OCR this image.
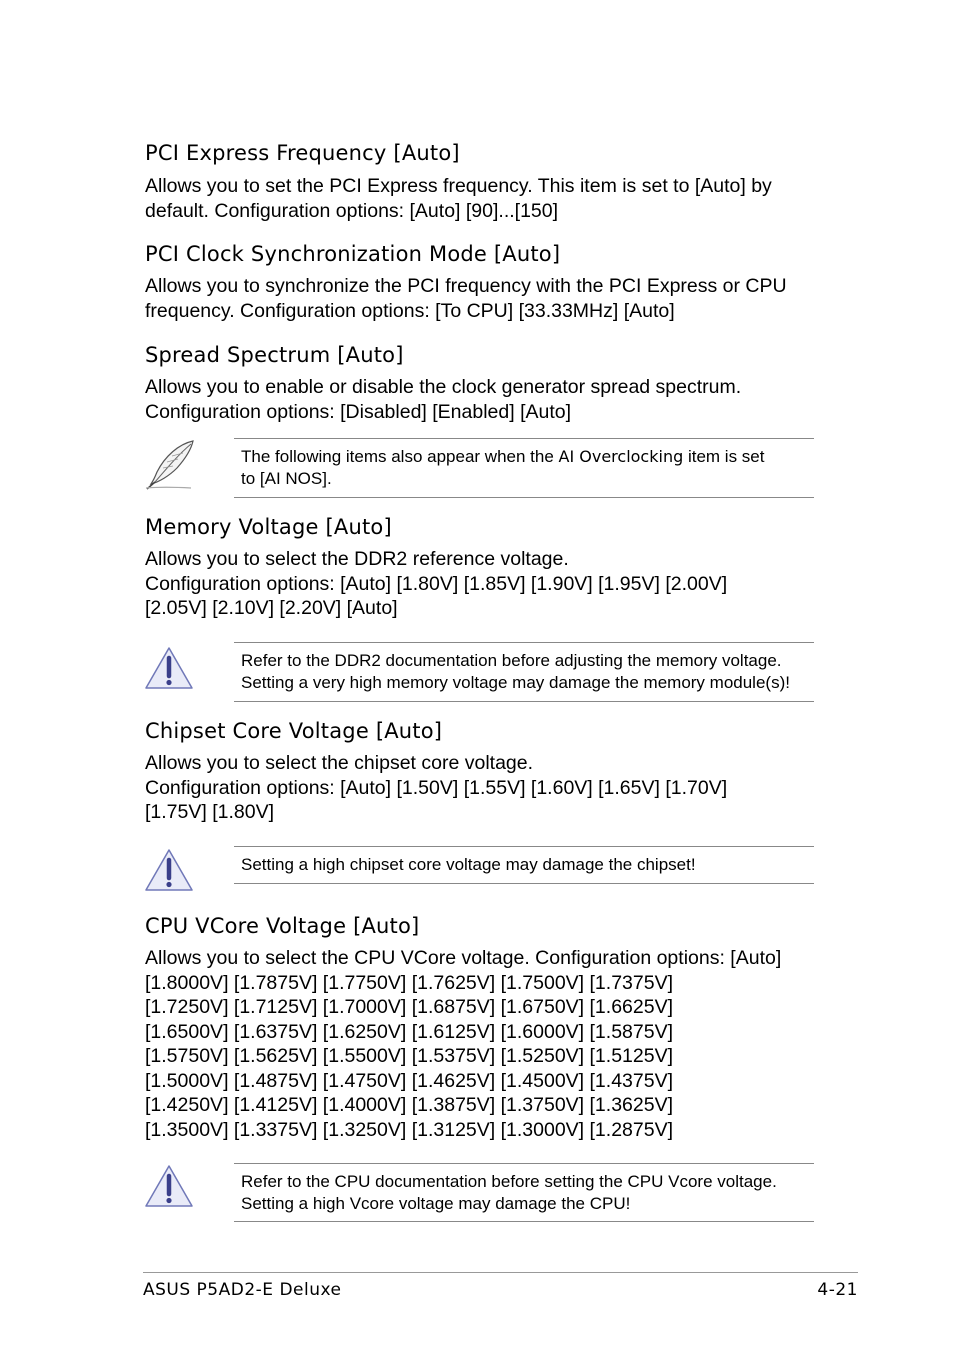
PCI Express Frequency [Auto]

Allows you to set the PCI Express frequency. This item is set to [Auto] by
default. Configuration options: [Auto] [90]...[150]

PCI Clock Synchronization Mode [Auto]

Allows you to synchronize the PCI frequency with the PCI Express or CPU
frequency. Configuration options: [To CPU] [33.33MHz] [Auto]

Spread Spectrum [Auto]

Allows you to enable or disable the clock generator spread spectrum.
Configuration options: [Disabled] [Enabled] [Auto]

The following items also appear when the AI Overclocking item is set
to [AI NOS].

Memory Voltage [Auto]

Allows you to select the DDR2 reference voltage.
Configuration options: [Auto] [1.80V] [1.85V] [1.90V] [1.95V] [2.00V]
[2.05V] [2.10V] [2.20V] [Auto]

Refer to the DDR2 documentation before adjusting the memory voltage.
Setting a very high memory voltage may damage the memory module(s)!

Chipset Core Voltage [Auto]

Allows you to select the chipset core voltage.
Configuration options: [Auto] [1.50V] [1.55V] [1.60V] [1.65V] [1.70V]
[1.75V] [1.80V]

Setting a high chipset core voltage may damage the chipset!

CPU VCore Voltage [Auto]

Allows you to select the CPU VCore voltage. Configuration options: [Auto]
[1.8000V] [1.7875V] [1.7750V] [1.7625V] [1.7500V] [1.7375V]
[1.7250V] [1.7125V] [1.7000V] [1.6875V] [1.6750V] [1.6625V]
[1.6500V] [1.6375V] [1.6250V] [1.6125V] [1.6000V] [1.5875V]
[1.5750V] [1.5625V] [1.5500V] [1.5375V] [1.5250V] [1.5125V]
[1.5000V] [1.4875V] [1.4750V] [1.4625V] [1.4500V] [1.4375V]
[1.4250V] [1.4125V] [1.4000V] [1.3875V] [1.3750V] [1.3625V]
[1.3500V] [1.3375V] [1.3250V] [1.3125V] [1.3000V] [1.2875V]

Refer to the CPU documentation before setting the CPU Vcore voltage.
Setting a high Vcore voltage may damage the CPU!

ASUS P5AD2-E Deluxe	4-21
